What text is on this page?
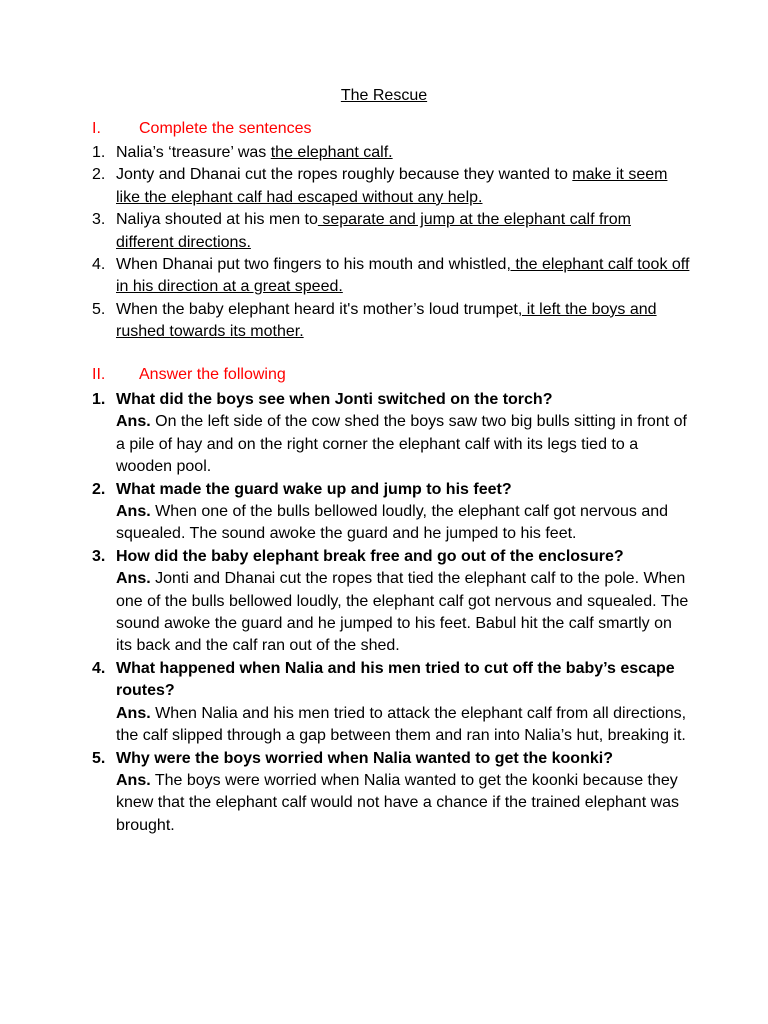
The Rescue
I. Complete the sentences
1. Nalia’s ‘treasure’ was the elephant calf.
2. Jonty and Dhanai cut the ropes roughly because they wanted to make it seem like the elephant calf had escaped without any help.
3. Naliya shouted at his men to separate and jump at the elephant calf from different directions.
4. When Dhanai put two fingers to his mouth and whistled, the elephant calf took off in his direction at a great speed.
5. When the baby elephant heard it's mother’s loud trumpet, it left the boys and rushed towards its mother.
II. Answer the following
1. What did the boys see when Jonti switched on the torch?
Ans. On the left side of the cow shed the boys saw two big bulls sitting in front of a pile of hay and on the right corner the elephant calf with its legs tied to a wooden pool.
2. What made the guard wake up and jump to his feet?
Ans. When one of the bulls bellowed loudly, the elephant calf got nervous and squealed. The sound awoke the guard and he jumped to his feet.
3. How did the baby elephant break free and go out of the enclosure?
Ans. Jonti and Dhanai cut the ropes that tied the elephant calf to the pole. When one of the bulls bellowed loudly, the elephant calf got nervous and squealed. The sound awoke the guard and he jumped to his feet. Babul hit the calf smartly on its back and the calf ran out of the shed.
4. What happened when Nalia and his men tried to cut off the baby’s escape routes?
Ans. When Nalia and his men tried to attack the elephant calf from all directions, the calf slipped through a gap between them and ran into Nalia’s hut, breaking it.
5. Why were the boys worried when Nalia wanted to get the koonki?
Ans. The boys were worried when Nalia wanted to get the koonki because they knew that the elephant calf would not have a chance if the trained elephant was brought.
